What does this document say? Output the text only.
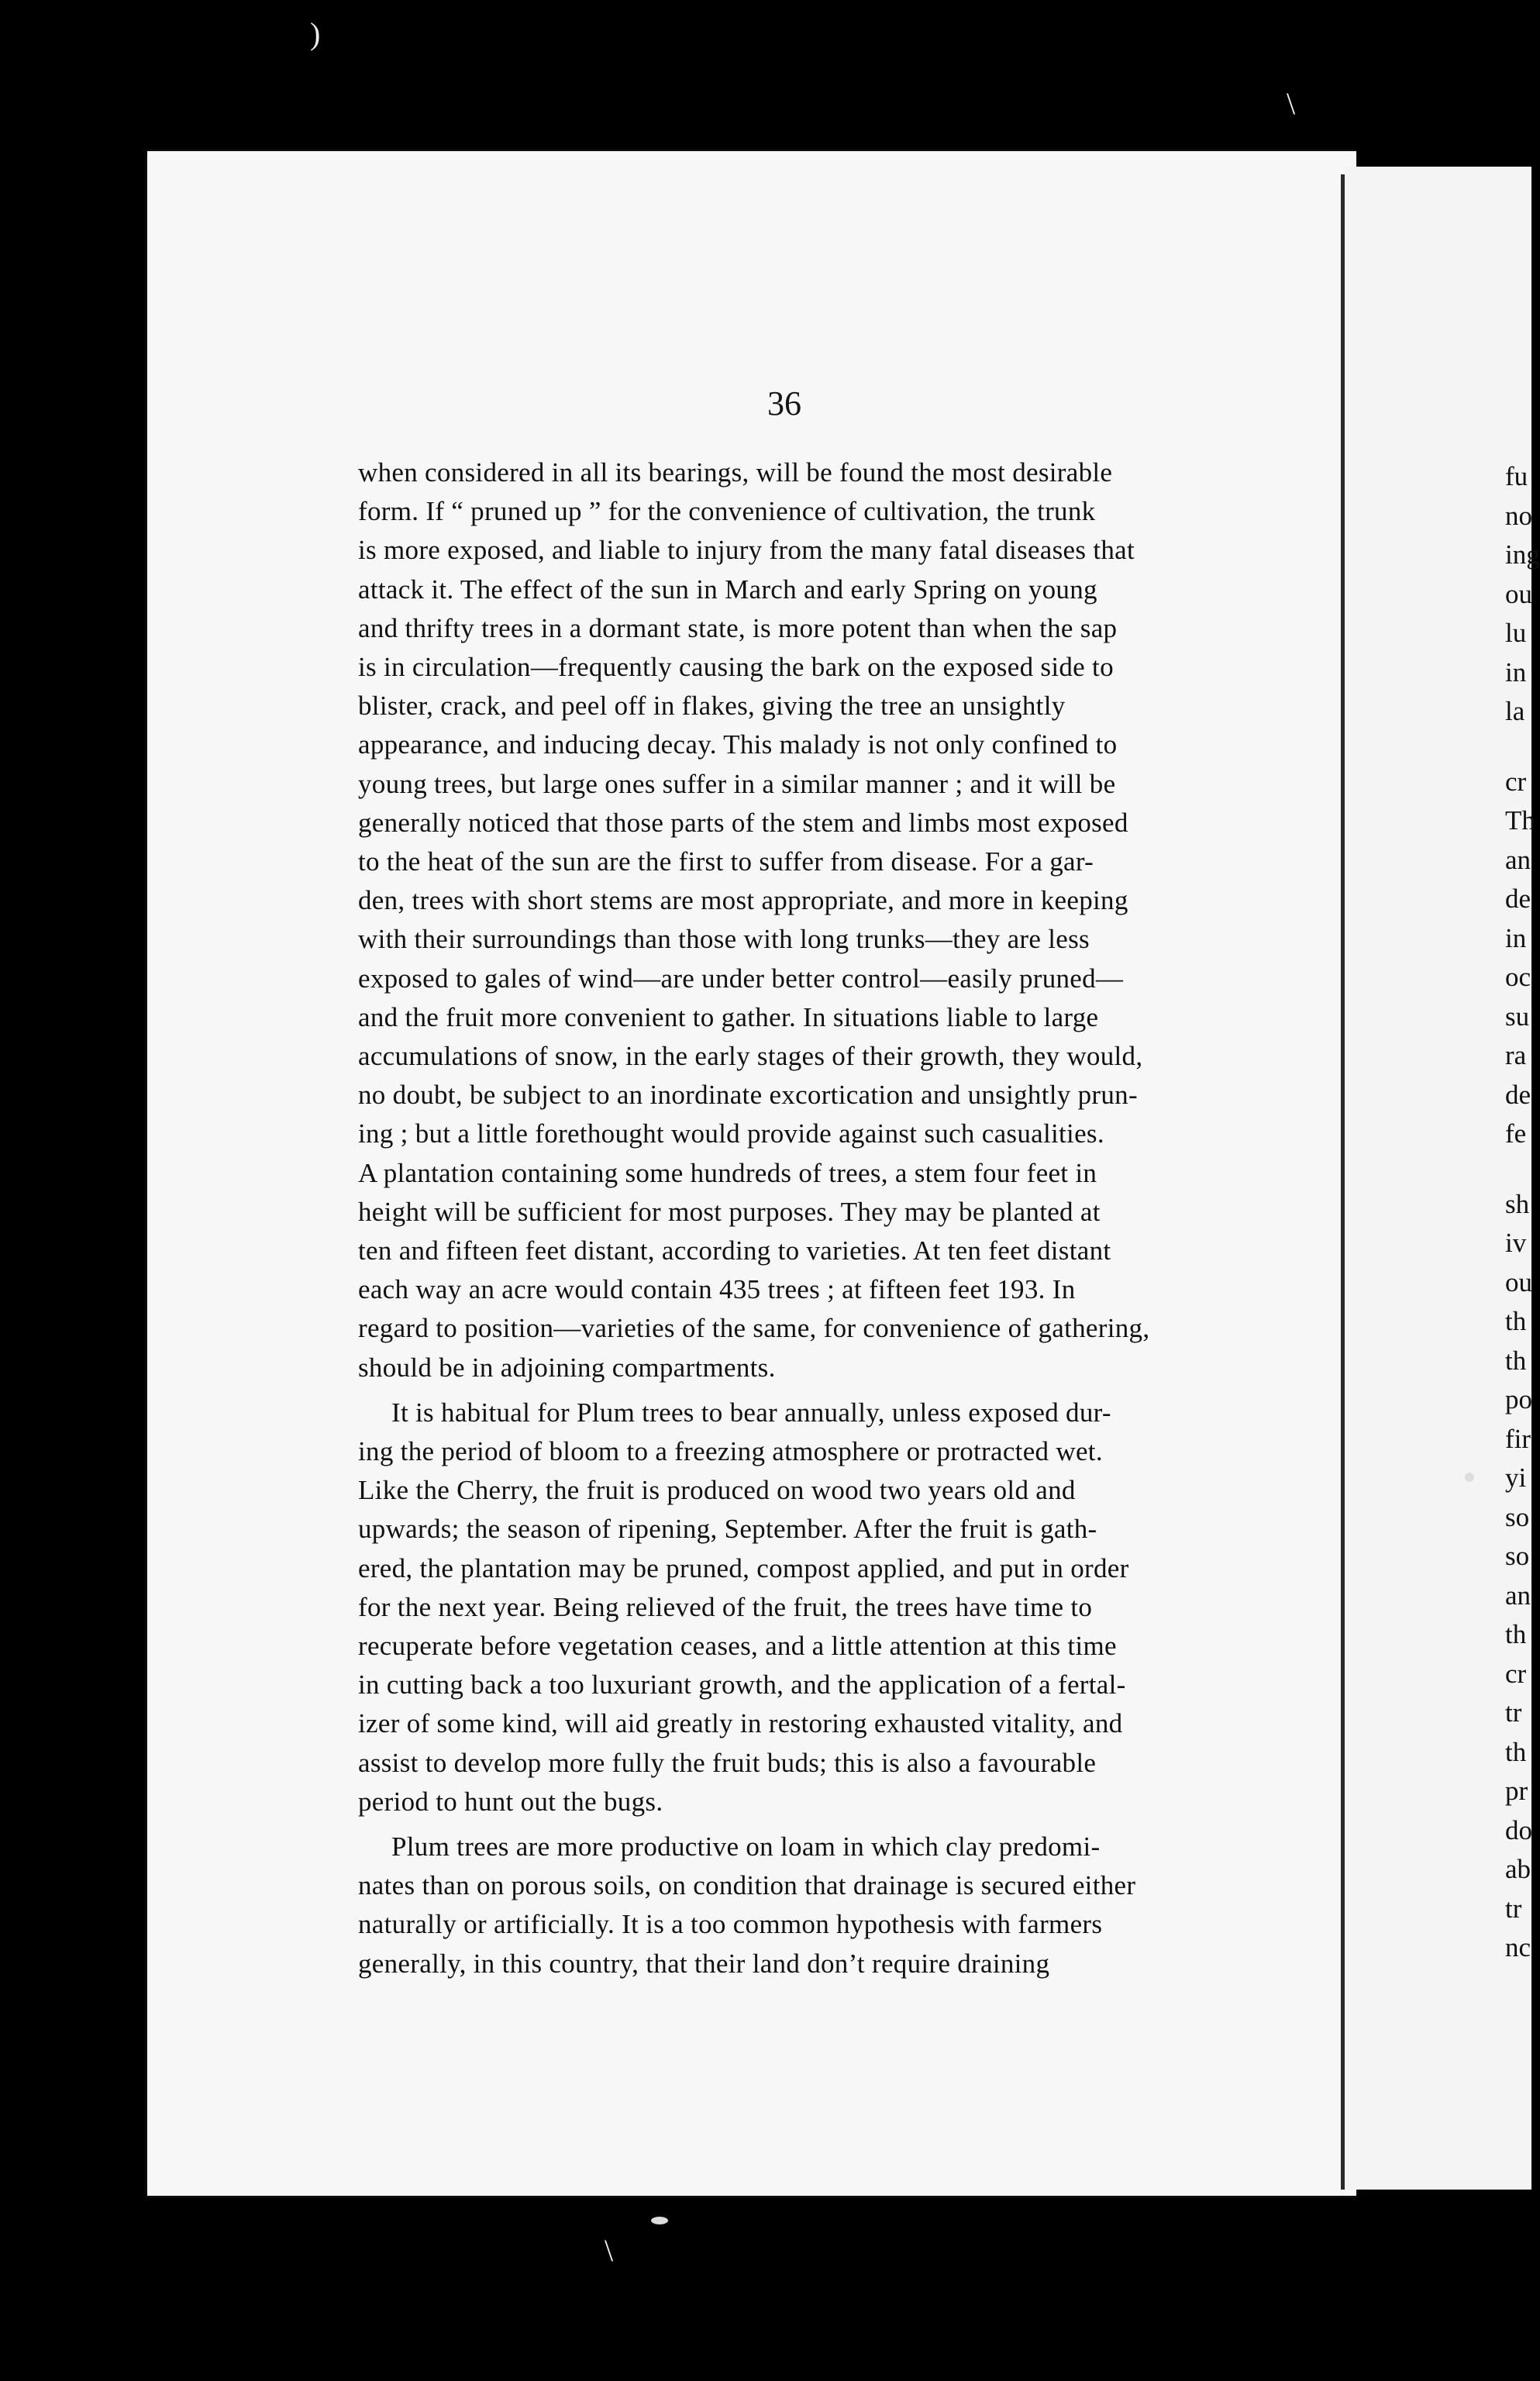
36
when considered in all its bearings, will be found the most desirable
form. If “ pruned up ” for the convenience of cultivation, the trunk
is more exposed, and liable to injury from the many fatal diseases that
attack it. The effect of the sun in March and early Spring on young
and thrifty trees in a dormant state, is more potent than when the sap
is in circulation—frequently causing the bark on the exposed side to
blister, crack, and peel off in flakes, giving the tree an unsightly
appearance, and inducing decay. This malady is not only confined to
young trees, but large ones suffer in a similar manner ; and it will be
generally noticed that those parts of the stem and limbs most exposed
to the heat of the sun are the first to suffer from disease. For a gar-
den, trees with short stems are most appropriate, and more in keeping
with their surroundings than those with long trunks—they are less
exposed to gales of wind—are under better control—easily pruned—
and the fruit more convenient to gather. In situations liable to large
accumulations of snow, in the early stages of their growth, they would,
no doubt, be subject to an inordinate excortication and unsightly prun-
ing ; but a little forethought would provide against such casualities.
A plantation containing some hundreds of trees, a stem four feet in
height will be sufficient for most purposes. They may be planted at
ten and fifteen feet distant, according to varieties. At ten feet distant
each way an acre would contain 435 trees ; at fifteen feet 193. In
regard to position—varieties of the same, for convenience of gathering,
should be in adjoining compartments.
It is habitual for Plum trees to bear annually, unless exposed dur-
ing the period of bloom to a freezing atmosphere or protracted wet.
Like the Cherry, the fruit is produced on wood two years old and
upwards; the season of ripening, September. After the fruit is gath-
ered, the plantation may be pruned, compost applied, and put in order
for the next year. Being relieved of the fruit, the trees have time to
recuperate before vegetation ceases, and a little attention at this time
in cutting back a too luxuriant growth, and the application of a fertal-
izer of some kind, will aid greatly in restoring exhausted vitality, and
assist to develop more fully the fruit buds; this is also a favourable
period to hunt out the bugs.
Plum trees are more productive on loam in which clay predomi-
nates than on porous soils, on condition that drainage is secured either
naturally or artificially. It is a too common hypothesis with farmers
generally, in this country, that their land don’t require draining
fu
no
ing
ou
lu
in
la
cr
Th
an
de
in
oc
su
ra
de
fe
sh
iv
ou
th
th
po
fir
yi
so
so
an
th
cr
tr
th
pr
do
ab
tr
nc
)
\
\
